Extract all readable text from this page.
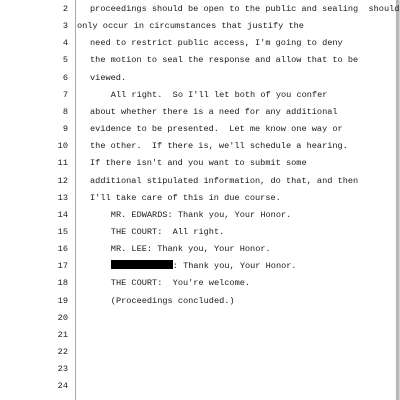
2	proceedings should be open to the public and sealing  should
3 only occur in circumstances that justify the
4	need to restrict public access, I'm going to deny
5	the motion to seal the response and allow that to be
6	viewed.
7	All right.  So I'll let both of you confer
8	about whether there is a need for any additional
9	evidence to be presented.  Let me know one way or
10	the other.  If there is, we'll schedule a hearing.
11	If there isn't and you want to submit some
12	additional stipulated information, do that, and then
13	I'll take care of this in due course.
14	MR. EDWARDS: Thank you, Your Honor.
15	THE COURT:  All right.
16	MR. LEE: Thank you, Your Honor.
17	: Thank you, Your Honor.
18	THE COURT:  You're welcome.
19	(Proceedings concluded.)
20
21
22
23
24
